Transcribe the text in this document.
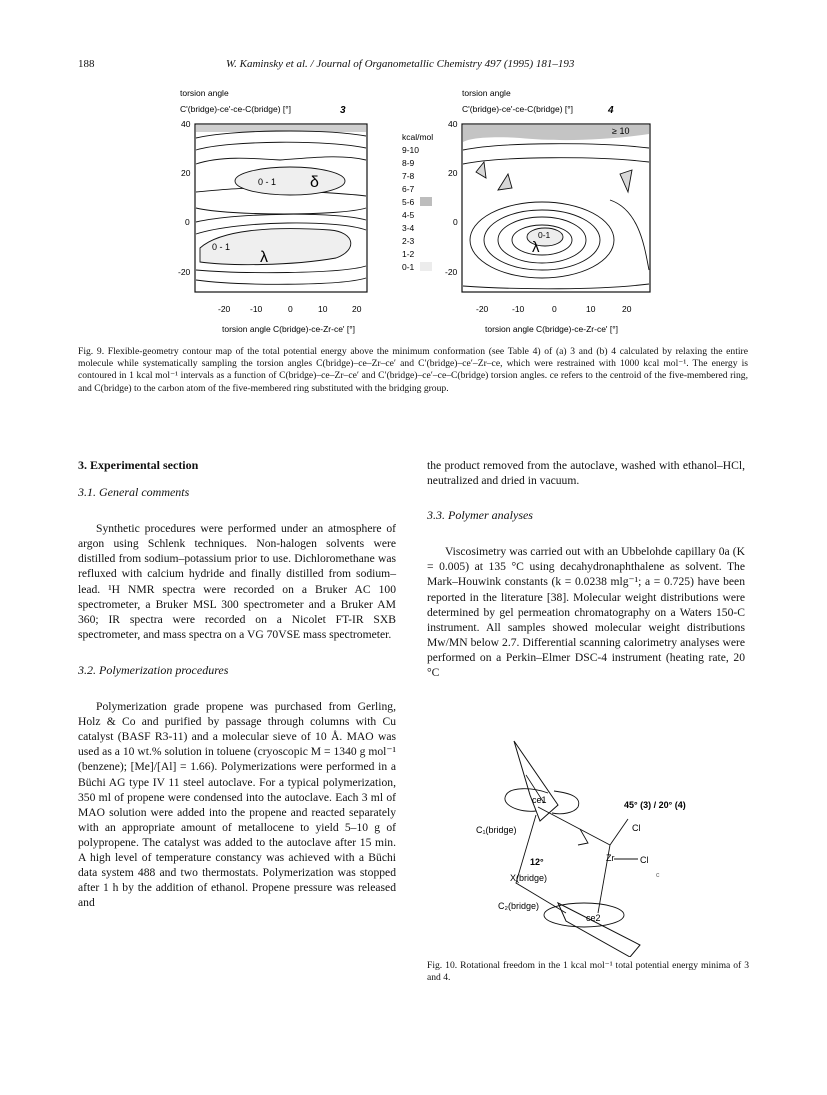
188	W. Kaminsky et al. / Journal of Organometallic Chemistry 497 (1995) 181–193
torsion angle
C'(bridge)-ce'-ce-C(bridge) [°]	3
0 - 1 δ
0 - 1
λ
40
20
0
-20
-20 -10	0	10	20
torsion angle C(bridge)-ce-Zr-ce' [°]
kcal/mol
9-10
8-9
7-8
6-7
5-6
4-5
3-4
2-3
1-2
0-1
torsion angle
C'(bridge)-ce'-ce-C(bridge) [°]	4
≥ 10
0-1
λ
40
20
0
-20
-20	-10	0	10	20
torsion angle C(bridge)-ce-Zr-ce' [°]
Fig. 9. Flexible-geometry contour map of the total potential energy above the minimum conformation (see Table 4) of (a) 3 and (b) 4 calculated by relaxing the entire molecule while systematically sampling the torsion angles C(bridge)–ce–Zr–ce′ and C′(bridge)–ce′–Zr–ce, which were restrained with 1000 kcal mol⁻¹. The energy is contoured in 1 kcal mol⁻¹ intervals as a function of C(bridge)–ce–Zr–ce′ and C′(bridge)–ce′–ce–C(bridge) torsion angles. ce refers to the centroid of the five-membered ring, and C(bridge) to the carbon atom of the five-membered ring substituted with the bridging group.
3. Experimental section
3.1. General comments

Synthetic procedures were performed under an atmosphere of argon using Schlenk techniques. Non-halogen solvents were distilled from sodium–potassium prior to use. Dichloromethane was refluxed with calcium hydride and finally distilled from sodium–lead. ¹H NMR spectra were recorded on a Bruker AC 100 spectrometer, a Bruker MSL 300 spectrometer and a Bruker AM 360; IR spectra were recorded on a Nicolet FT-IR SXB spectrometer, and mass spectra on a VG 70VSE mass spectrometer.

3.2. Polymerization procedures

Polymerization grade propene was purchased from Gerling, Holz & Co and purified by passage through columns with Cu catalyst (BASF R3-11) and a molecular sieve of 10 Å. MAO was used as a 10 wt.% solution in toluene (cryoscopic M = 1340 g mol⁻¹ (benzene); [Me]/[Al] = 1.66). Polymerizations were performed in a Büchi AG type IV 11 steel autoclave. For a typical polymerization, 350 ml of propene were condensed into the autoclave. Each 3 ml of MAO solution were added into the propene and reacted separately with an appropriate amount of metallocene to yield 5–10 g of polypropene. The catalyst was added to the autoclave after 15 min. A high level of temperature constancy was achieved with a Büchi data system 488 and two thermostats. Polymerization was stopped after 1 h by the addition of ethanol. Propene pressure was released and

the product removed from the autoclave, washed with ethanol–HCl, neutralized and dried in vacuum.

3.3. Polymer analyses

Viscosimetry was carried out with an Ubbelohde capillary 0a (K = 0.005) at 135 °C using decahydronaphthalene as solvent. The Mark–Houwink constants (k = 0.0238 mlg⁻¹; a = 0.725) have been reported in the literature [38]. Molecular weight distributions were determined by gel permeation chromatography on a Waters 150-C instrument. All samples showed molecular weight distributions Mw/MN below 2.7. Differential scanning calorimetry analyses were performed on a Perkin–Elmer DSC-4 instrument (heating rate, 20 °C

ce1	45° (3) / 20° (4)
C₁(bridge)	Cl
Cl
Zr
12°
X(bridge)
C₂(bridge)
ce2
c
Fig. 10. Rotational freedom in the 1 kcal mol⁻¹ total potential energy minima of 3 and 4.
